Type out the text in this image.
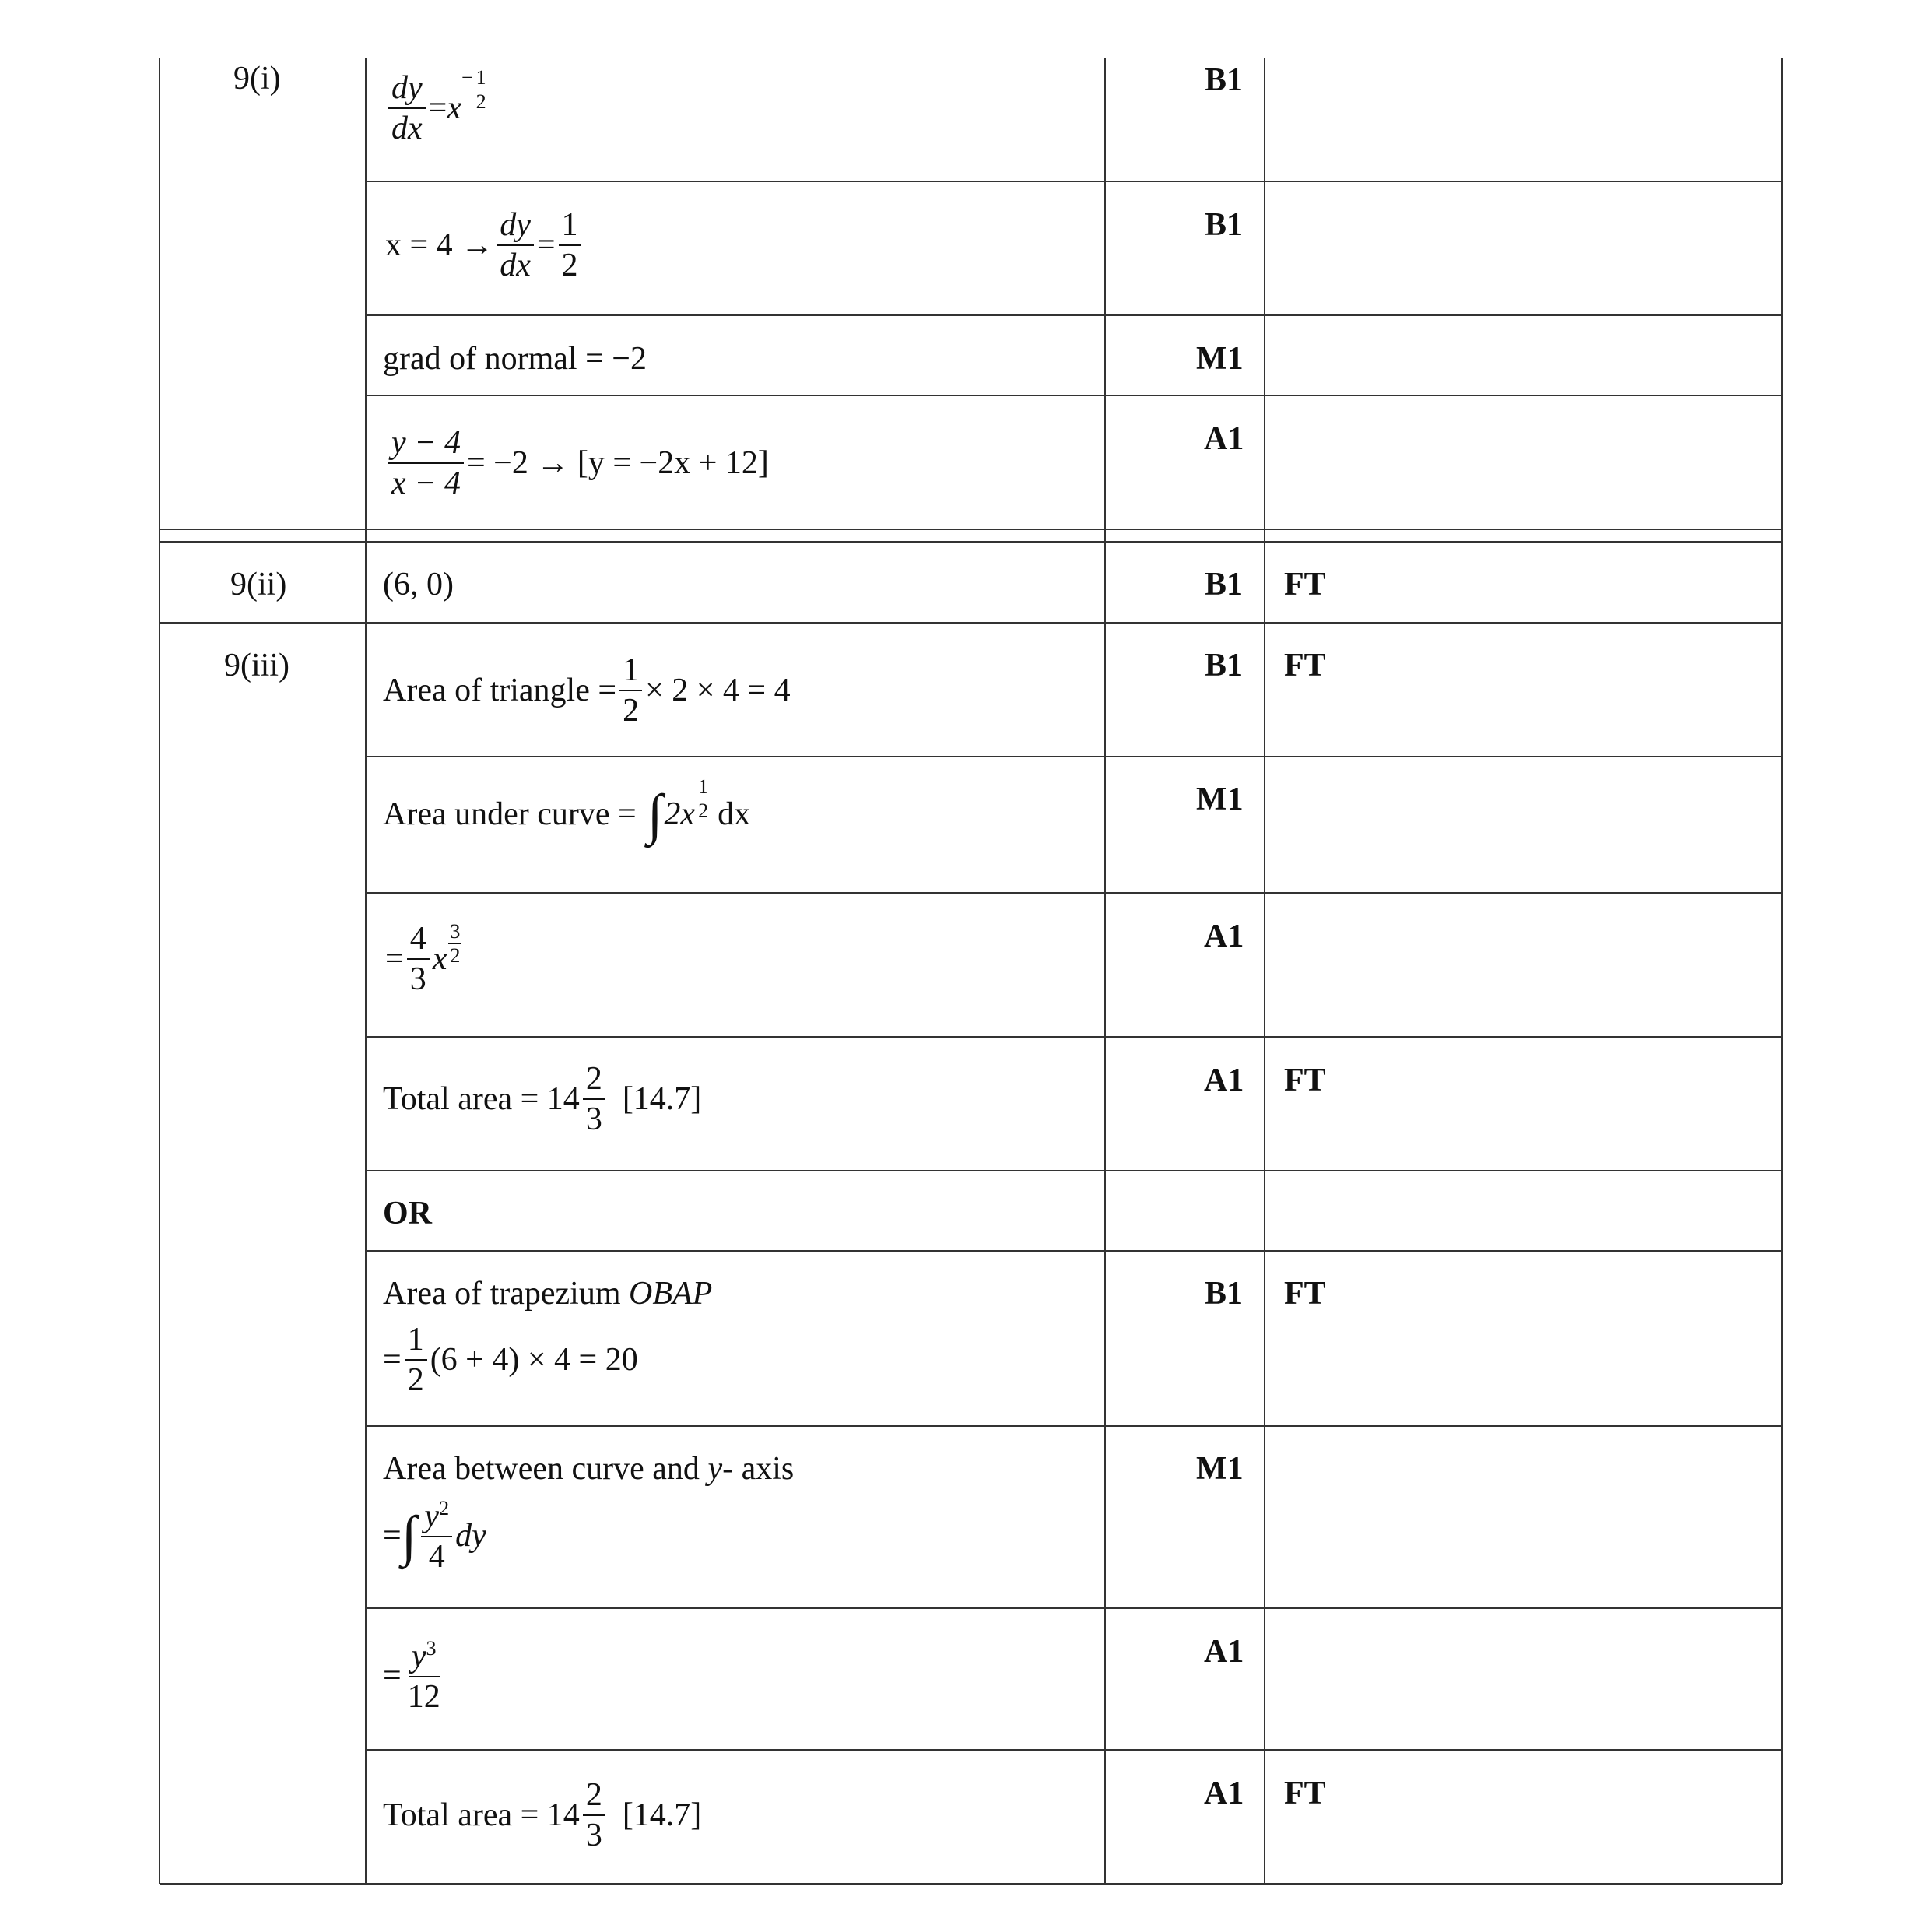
9(i)
9(ii)
9(iii)
B1
B1
M1
A1
B1
B1
M1
A1
A1
B1
M1
A1
A1
FT
FT
FT
FT
FT
$\frac{dy}{dx} = x$
− $\frac{1}{2}$
$x = 4 \to \frac{dy}{dx} = \frac{1}{2}$
grad of normal = −2
$\frac{y - 4}{x - 4} = -2 \to [y = -2x + 12]$
(6, 0)
Area of triangle = $\frac{1}{2} \times 2 \times 4 = 4$
Area under curve = ∫ 2x
1
2 dx
= $\frac{4}{3}$ x
3
2
Total area = $14 \frac{2}{3} [14.7]$
OR
Area of trapezium OBAP
= $\frac{1}{2} (6 + 4) \times 4 = 20$
Area between curve and y- axis
= ∫ $\frac{y^2}{4}$ dy
= $\frac{y^3}{12}$
Total area = $14 \frac{2}{3} [14.7]$
